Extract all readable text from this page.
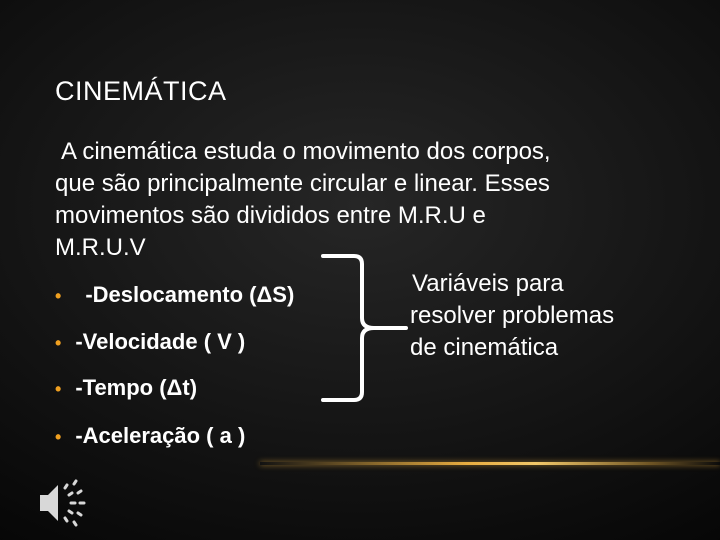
CINEMÁTICA
A cinemática estuda o movimento dos corpos,
que são principalmente circular e linear. Esses
movimentos são divididos entre M.R.U e
M.R.U.V
• -Deslocamento (ΔS)
• -Velocidade ( V )
• -Tempo (Δt)
• -Aceleração ( a )
Variáveis para
resolver problemas
de cinemática
